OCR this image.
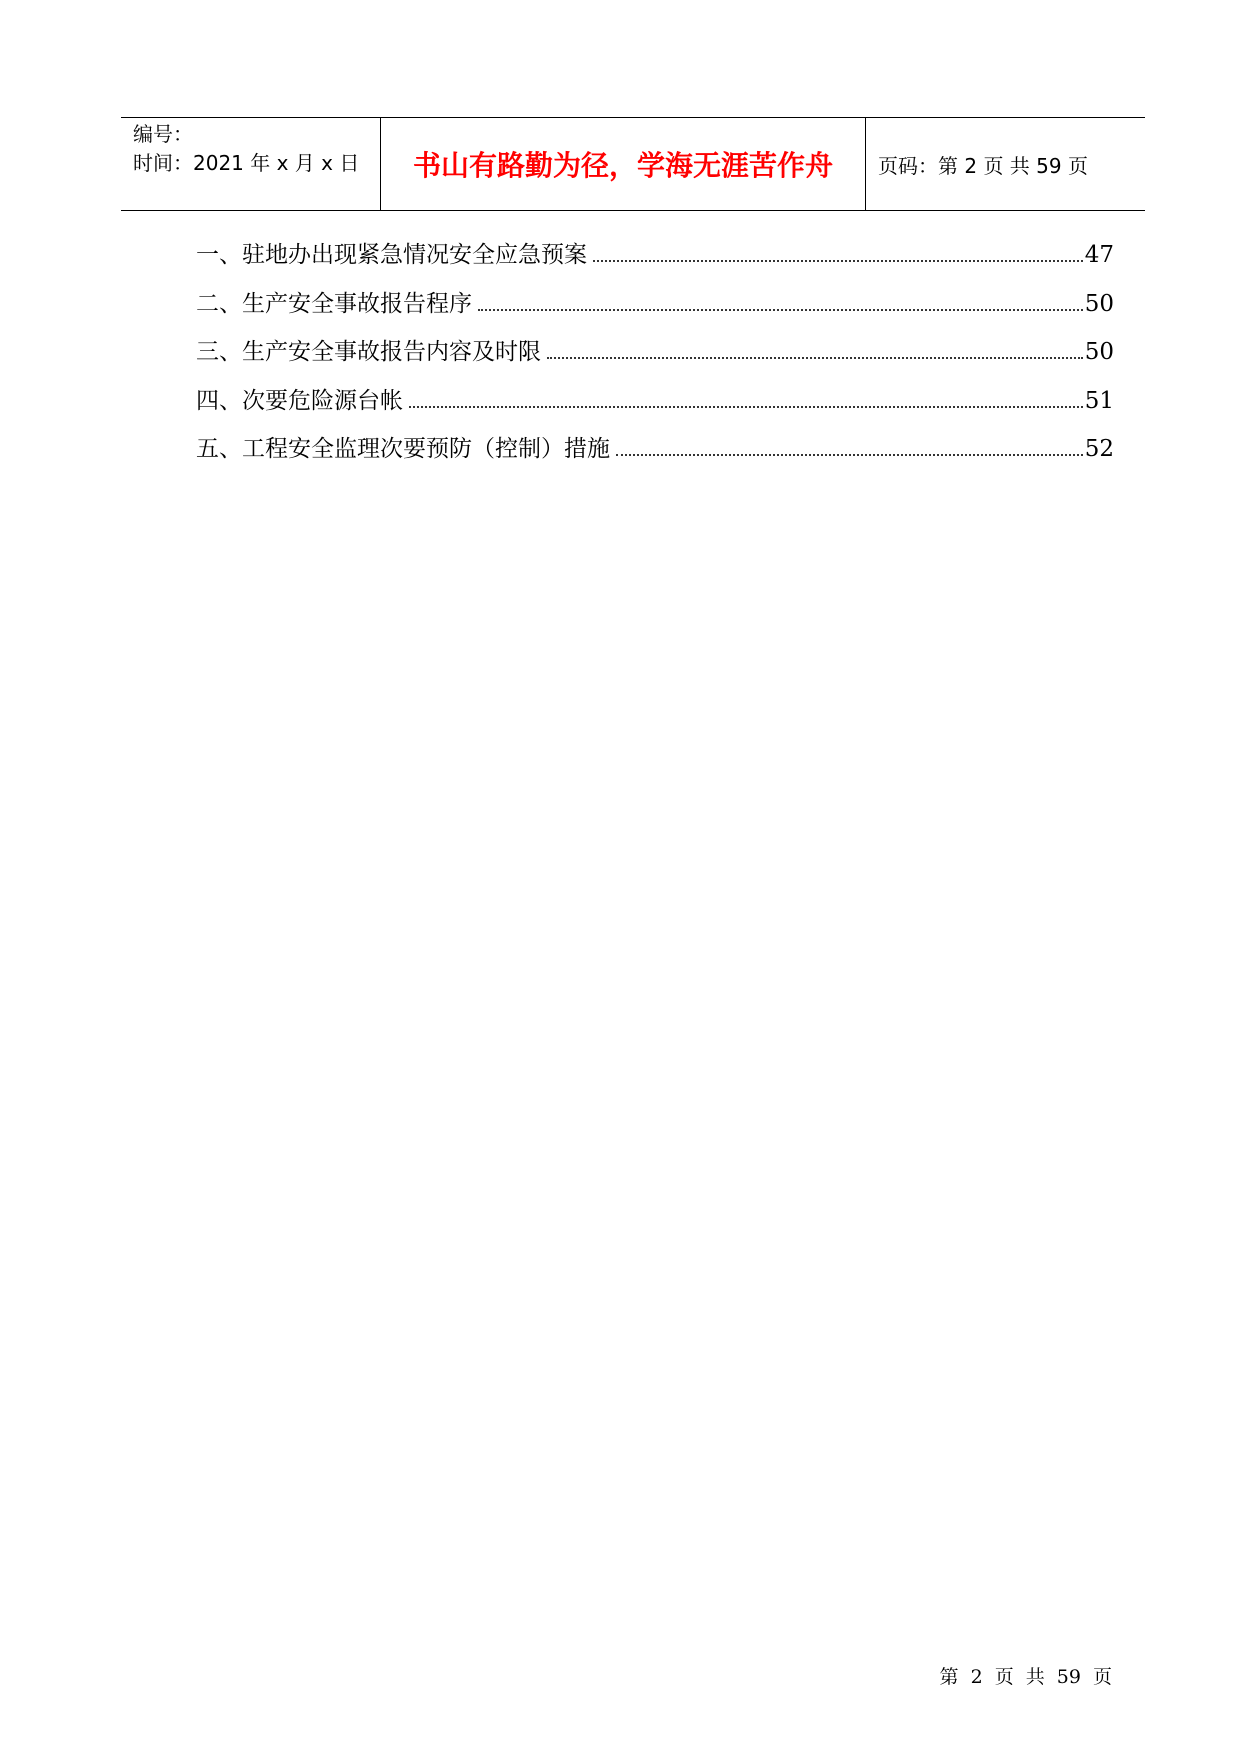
编号：
时间：2021 年 x 月 x 日	书山有路勤为径，学海无涯苦作舟	页码：第 2 页 共 59 页
一、驻地办出现紧急情况安全应急预案	47
二、生产安全事故报告程序	50
三、生产安全事故报告内容及时限	50
四、次要危险源台帐	51
五、工程安全监理次要预防（控制）措施	52
第 2 页 共 59 页
